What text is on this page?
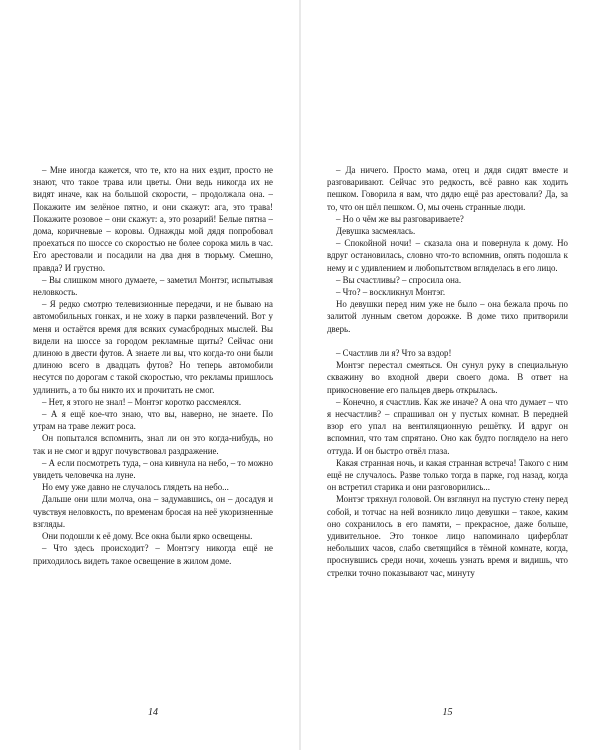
– Мне иногда кажется, что те, кто на них ездит, просто не знают, что такое трава или цветы. Они ведь никогда их не видят иначе, как на большой скорости, – продолжала она. – Покажите им зелёное пятно, и они скажут: ага, это трава! Покажите розовое – они скажут: а, это розарий! Белые пятна – дома, коричневые – коровы. Однажды мой дядя попробовал проехаться по шоссе со скоростью не более сорока миль в час. Его арестовали и посадили на два дня в тюрьму. Смешно, правда? И грустно.

– Вы слишком много думаете, – заметил Монтэг, испытывая неловкость.

– Я редко смотрю телевизионные передачи, и не бываю на автомобильных гонках, и не хожу в парки развлечений. Вот у меня и остаётся время для всяких сумасбродных мыслей. Вы видели на шоссе за городом рекламные щиты? Сейчас они длиною в двести футов. А знаете ли вы, что когда-то они были длиною всего в двадцать футов? Но теперь автомобили несутся по дорогам с такой скоростью, что рекламы пришлось удлинить, а то бы никто их и прочитать не смог.

– Нет, я этого не знал! – Монтэг коротко рассмеялся.

– А я ещё кое-что знаю, что вы, наверно, не знаете. По утрам на траве лежит роса.

Он попытался вспомнить, знал ли он это когда-нибудь, но так и не смог и вдруг почувствовал раздражение.

– А если посмотреть туда, – она кивнула на небо, – то можно увидеть человечка на луне.

Но ему уже давно не случалось глядеть на небо...

Дальше они шли молча, она – задумавшись, он – досадуя и чувствуя неловкость, по временам бросая на неё укоризненные взгляды.

Они подошли к её дому. Все окна были ярко освещены.

– Что здесь происходит? – Монтэгу никогда ещё не приходилось видеть такое освещение в жилом доме.

– Да ничего. Просто мама, отец и дядя сидят вместе и разговаривают. Сейчас это редкость, всё равно как ходить пешком. Говорила я вам, что дядю ещё раз арестовали? Да, за то, что он шёл пешком. О, мы очень странные люди.

– Но о чём же вы разговариваете?

Девушка засмеялась.

– Спокойной ночи! – сказала она и повернула к дому. Но вдруг остановилась, словно что-то вспомнив, опять подошла к нему и с удивлением и любопытством вгляделась в его лицо.

– Вы счастливы? – спросила она.

– Что? – воскликнул Монтэг.

Но девушки перед ним уже не было – она бежала прочь по залитой лунным светом дорожке. В доме тихо притворили дверь.

– Счастлив ли я? Что за вздор!

Монтэг перестал смеяться. Он сунул руку в специальную скважину во входной двери своего дома. В ответ на прикосновение его пальцев дверь открылась.

– Конечно, я счастлив. Как же иначе? А она что думает – что я несчастлив? – спрашивал он у пустых комнат. В передней взор его упал на вентиляционную решётку. И вдруг он вспомнил, что там спрятано. Оно как будто поглядело на него оттуда. И он быстро отвёл глаза.

Какая странная ночь, и какая странная встреча! Такого с ним ещё не случалось. Разве только тогда в парке, год назад, когда он встретил старика и они разговорились...

Монтэг тряхнул головой. Он взглянул на пустую стену перед собой, и тотчас на ней возникло лицо девушки – такое, каким оно сохранилось в его памяти, – прекрасное, даже больше, удивительное. Это тонкое лицо напоминало циферблат небольших часов, слабо светящийся в тёмной комнате, когда, проснувшись среди ночи, хочешь узнать время и видишь, что стрелки точно показывают час, минуту

14	15
